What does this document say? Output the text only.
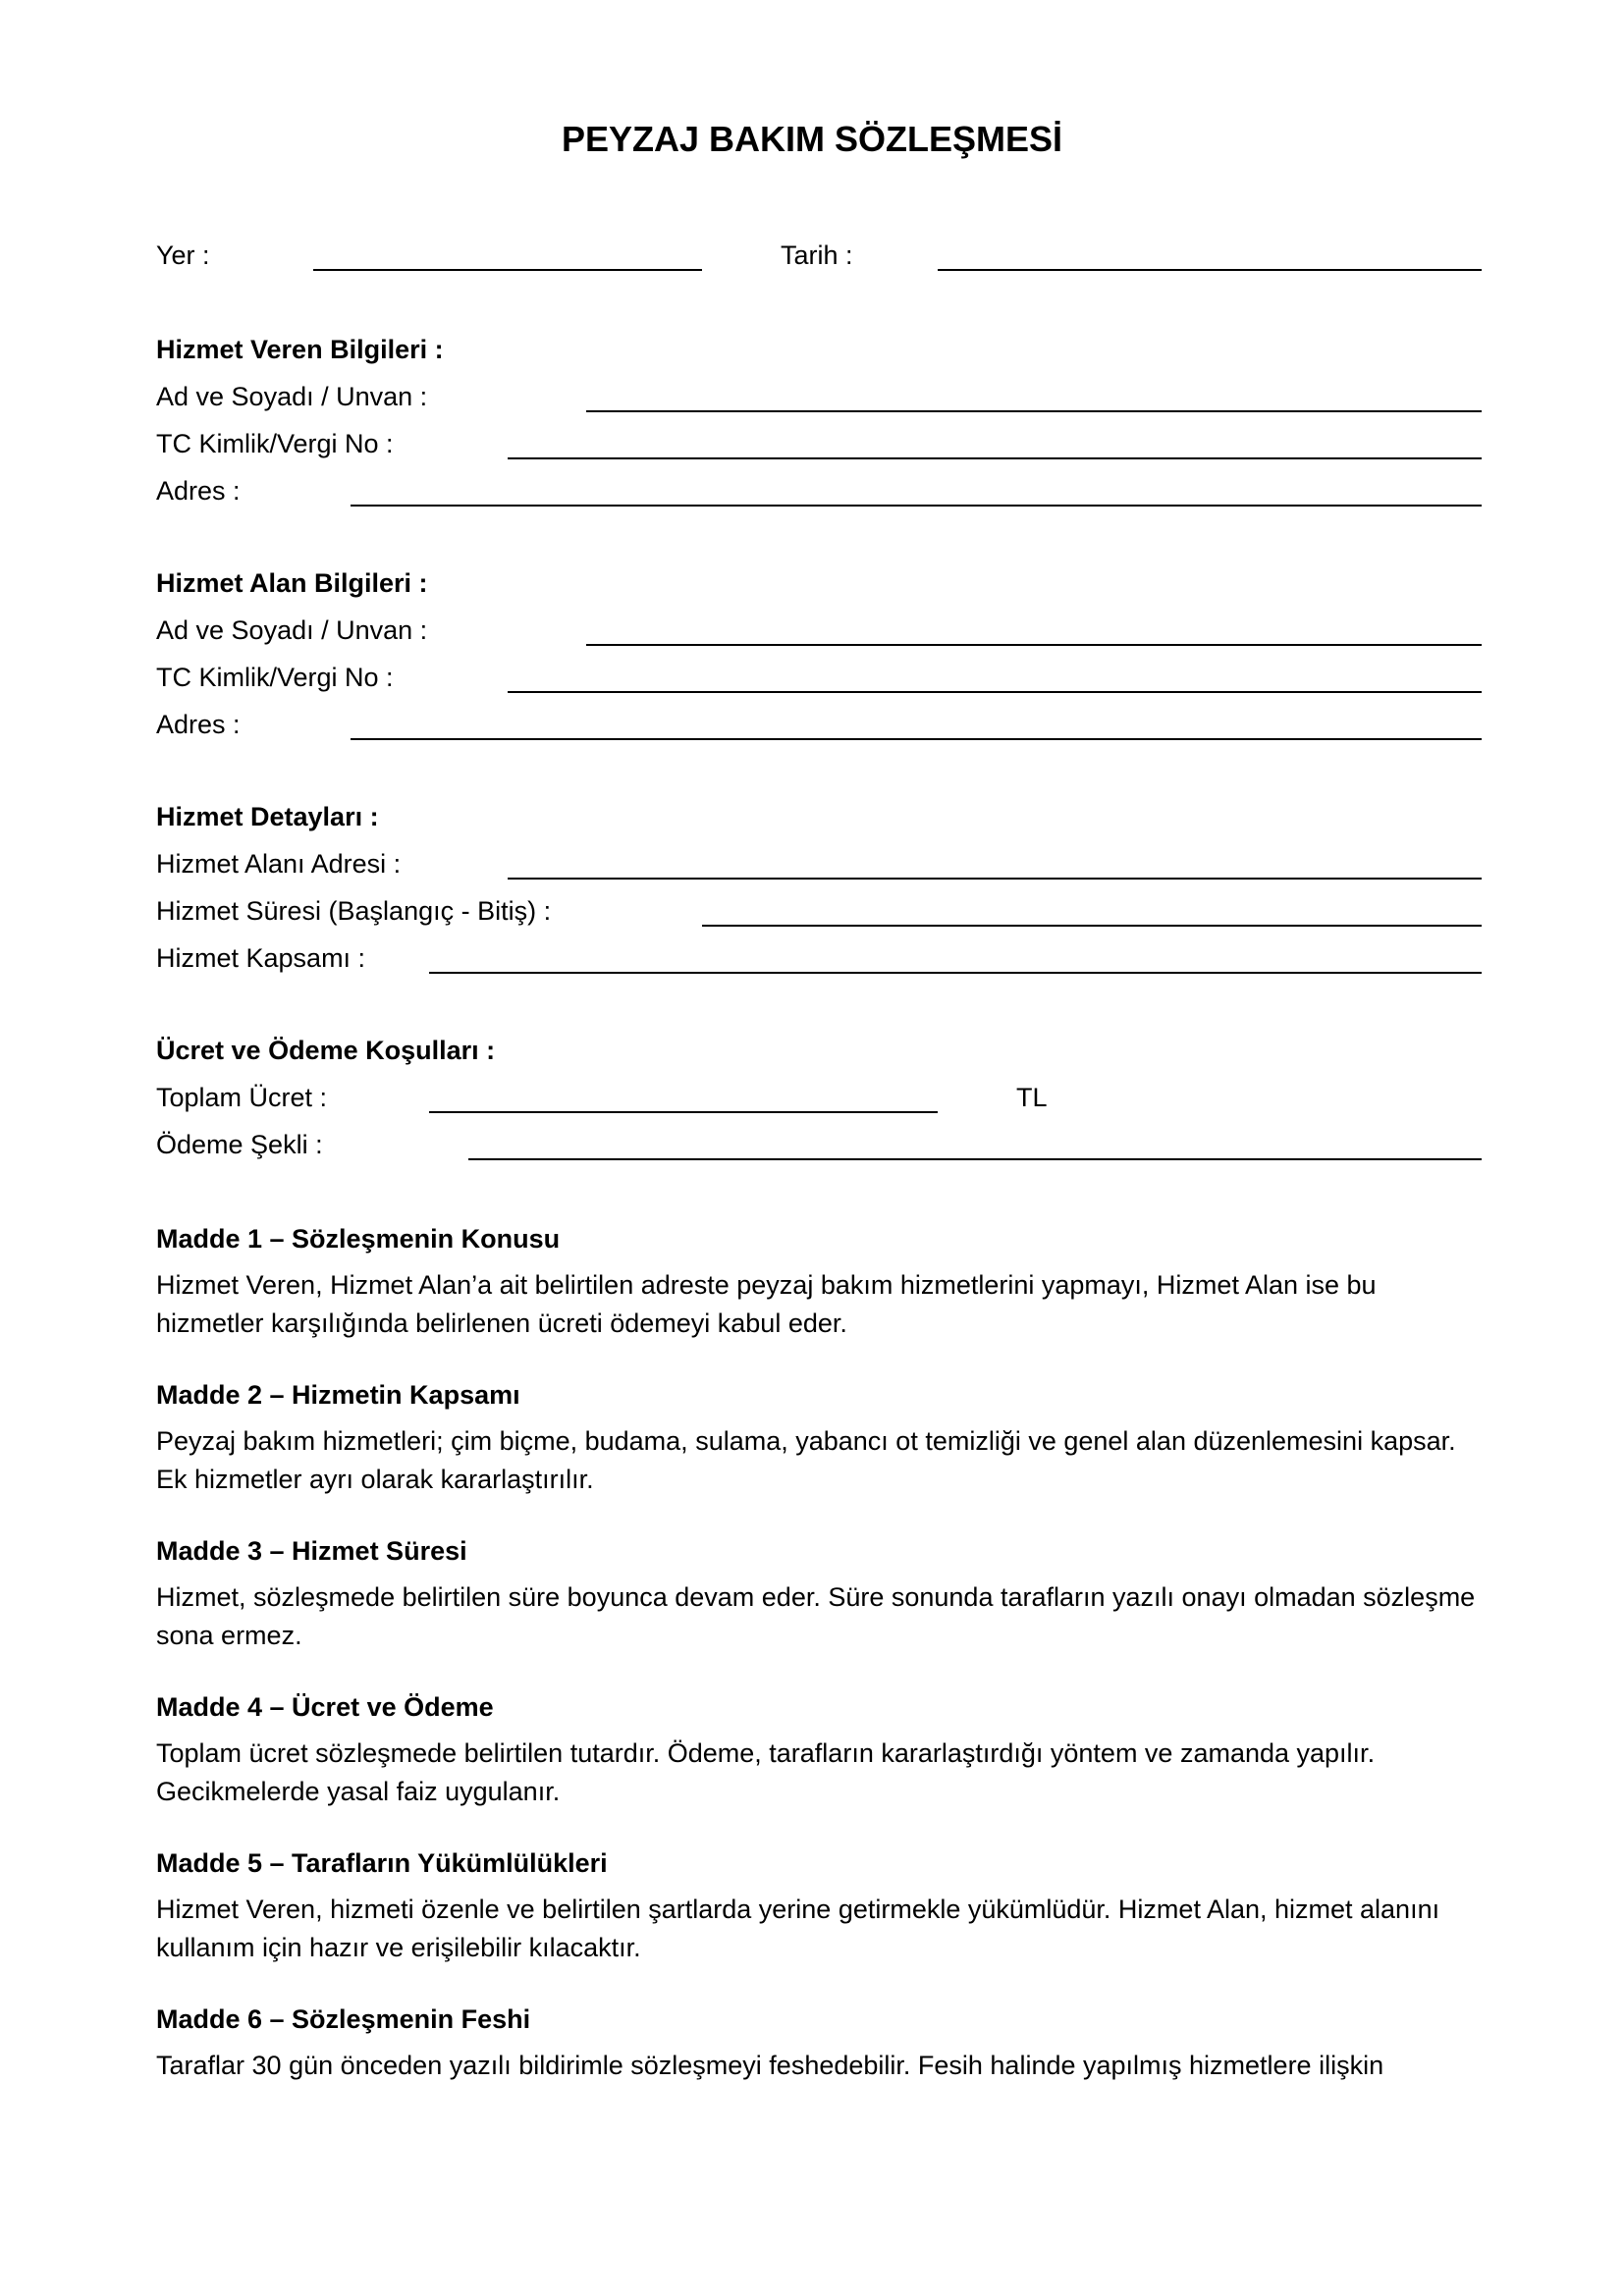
PEYZAJ BAKIM SÖZLEŞMESİ
Yer :	Tarih :
Hizmet Veren Bilgileri :
Ad ve Soyadı / Unvan :
TC Kimlik/Vergi No :
Adres :
Hizmet Alan Bilgileri :
Ad ve Soyadı / Unvan :
TC Kimlik/Vergi No :
Adres :
Hizmet Detayları :
Hizmet Alanı Adresi :
Hizmet Süresi (Başlangıç - Bitiş) :
Hizmet Kapsamı :
Ücret ve Ödeme Koşulları :
Toplam Ücret :	TL
Ödeme Şekli :
Madde 1 – Sözleşmenin Konusu
Hizmet Veren, Hizmet Alan’a ait belirtilen adreste peyzaj bakım hizmetlerini yapmayı, Hizmet Alan ise bu hizmetler karşılığında belirlenen ücreti ödemeyi kabul eder.
Madde 2 – Hizmetin Kapsamı
Peyzaj bakım hizmetleri; çim biçme, budama, sulama, yabancı ot temizliği ve genel alan düzenlemesini kapsar. Ek hizmetler ayrı olarak kararlaştırılır.
Madde 3 – Hizmet Süresi
Hizmet, sözleşmede belirtilen süre boyunca devam eder. Süre sonunda tarafların yazılı onayı olmadan sözleşme sona ermez.
Madde 4 – Ücret ve Ödeme
Toplam ücret sözleşmede belirtilen tutardır. Ödeme, tarafların kararlaştırdığı yöntem ve zamanda yapılır. Gecikmelerde yasal faiz uygulanır.
Madde 5 – Tarafların Yükümlülükleri
Hizmet Veren, hizmeti özenle ve belirtilen şartlarda yerine getirmekle yükümlüdür. Hizmet Alan, hizmet alanını kullanım için hazır ve erişilebilir kılacaktır.
Madde 6 – Sözleşmenin Feshi
Taraflar 30 gün önceden yazılı bildirimle sözleşmeyi feshedebilir. Fesih halinde yapılmış hizmetlere ilişkin
